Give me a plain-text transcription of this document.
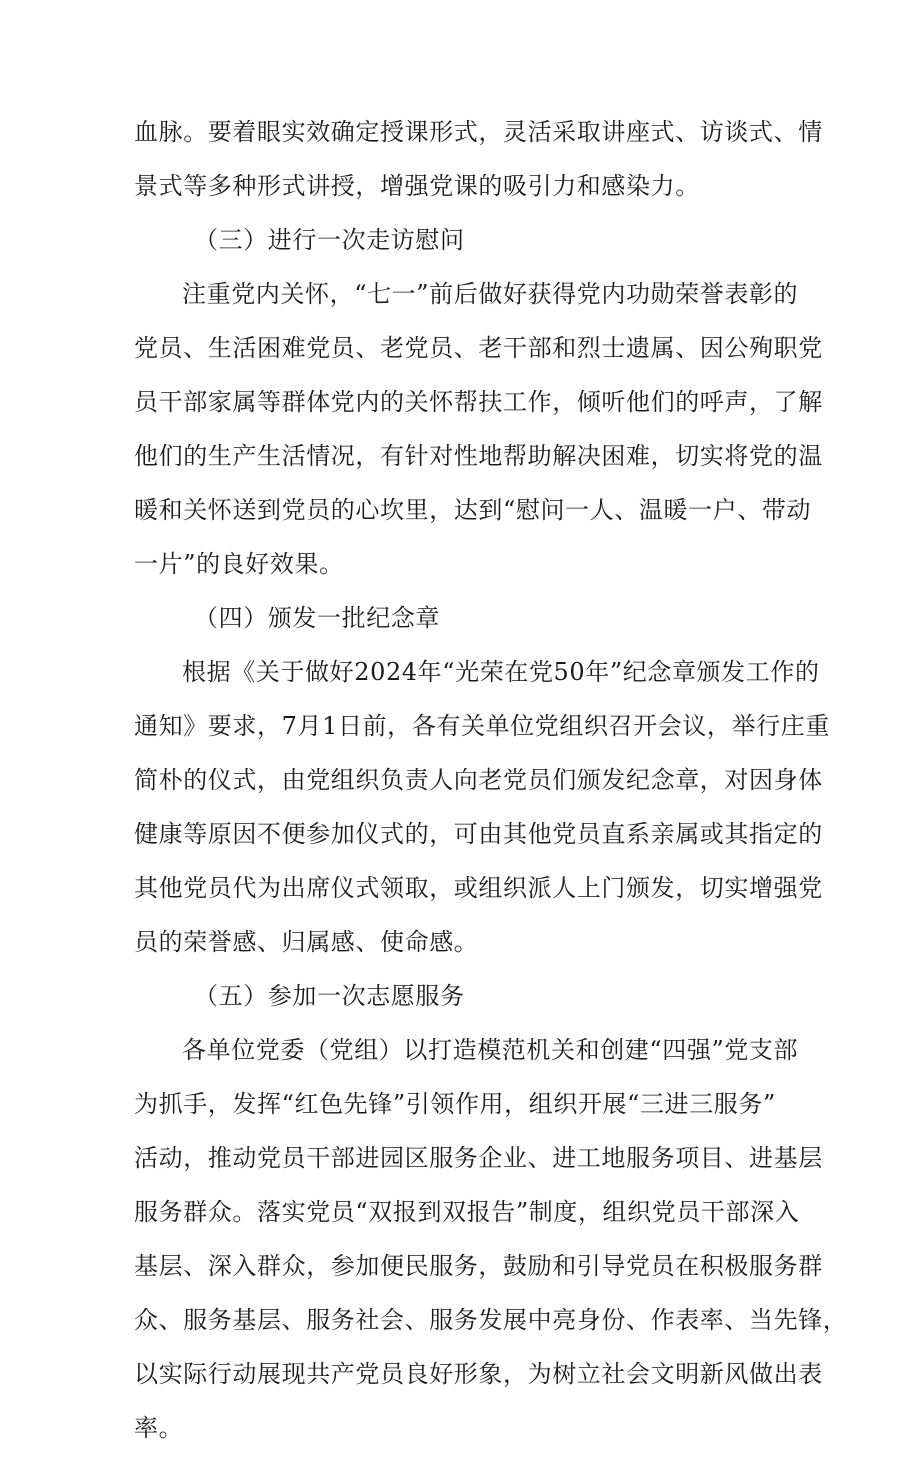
血脉。要着眼实效确定授课形式，灵活采取讲座式、访谈式、情
景式等多种形式讲授，增强党课的吸引力和感染力。
（三）进行一次走访慰问
注重党内关怀，“七一”前后做好获得党内功勋荣誉表彰的
党员、生活困难党员、老党员、老干部和烈士遗属、因公殉职党
员干部家属等群体党内的关怀帮扶工作，倾听他们的呼声，了解
他们的生产生活情况，有针对性地帮助解决困难，切实将党的温
暖和关怀送到党员的心坎里，达到“慰问一人、温暖一户、带动
一片”的良好效果。
（四）颁发一批纪念章
根据《关于做好2024年“光荣在党50年”纪念章颁发工作的
通知》要求，7月1日前，各有关单位党组织召开会议，举行庄重
简朴的仪式，由党组织负责人向老党员们颁发纪念章，对因身体
健康等原因不便参加仪式的，可由其他党员直系亲属或其指定的
其他党员代为出席仪式领取，或组织派人上门颁发，切实增强党
员的荣誉感、归属感、使命感。
（五）参加一次志愿服务
各单位党委（党组）以打造模范机关和创建“四强”党支部
为抓手，发挥“红色先锋”引领作用，组织开展“三进三服务”
活动，推动党员干部进园区服务企业、进工地服务项目、进基层
服务群众。落实党员“双报到双报告”制度，组织党员干部深入
基层、深入群众，参加便民服务，鼓励和引导党员在积极服务群
众、服务基层、服务社会、服务发展中亮身份、作表率、当先锋，
以实际行动展现共产党员良好形象，为树立社会文明新风做出表
率。
